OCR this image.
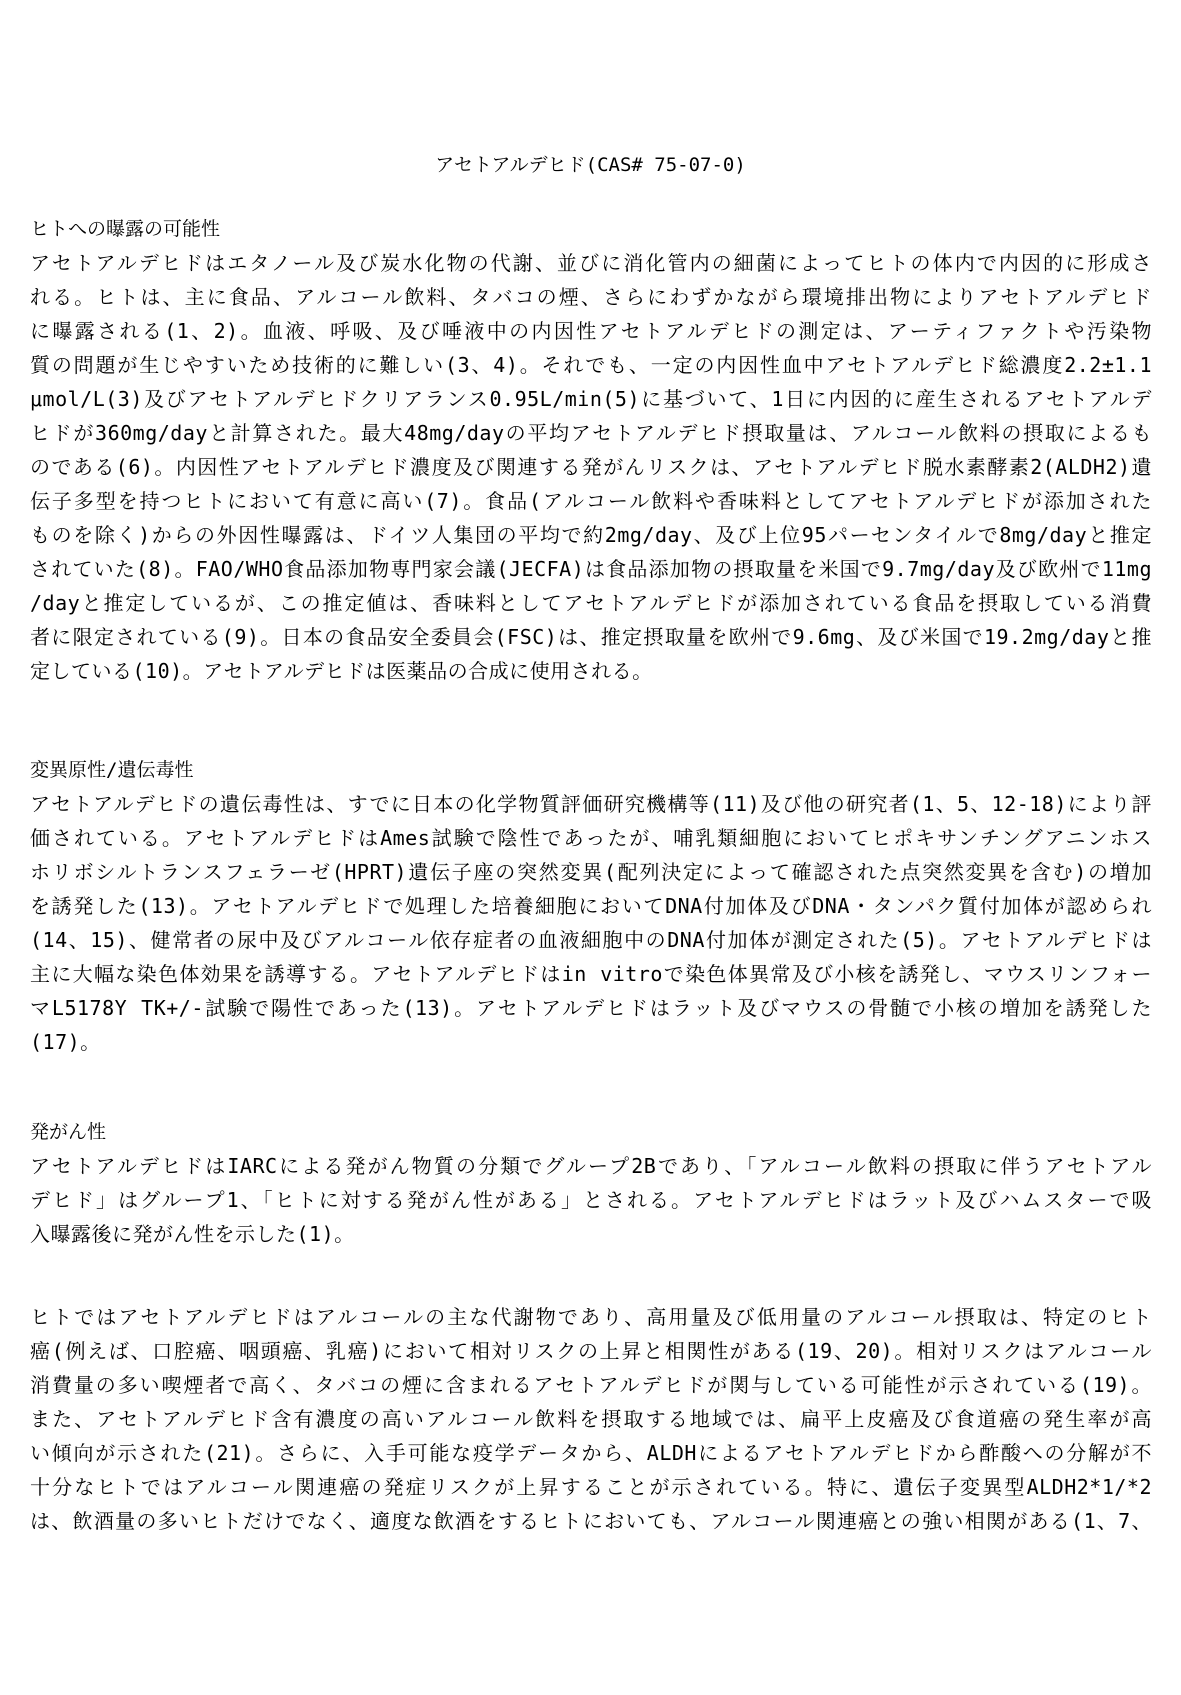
アセトアルデヒド(CAS# 75-07-0)
ヒトへの曝露の可能性
アセトアルデヒドはエタノール及び炭水化物の代謝、並びに消化管内の細菌によってヒトの体内で内因的に形成さ
れる。ヒトは、主に食品、アルコール飲料、タバコの煙、さらにわずかながら環境排出物によりアセトアルデヒド
に曝露される(1、2)。血液、呼吸、及び唾液中の内因性アセトアルデヒドの測定は、アーティファクトや汚染物
質の問題が生じやすいため技術的に難しい(3、4)。それでも、一定の内因性血中アセトアルデヒド総濃度2.2±1.1
μmol/L(3)及びアセトアルデヒドクリアランス0.95L/min(5)に基づいて、1日に内因的に産生されるアセトアルデ
ヒドが360mg/dayと計算された。最大48mg/dayの平均アセトアルデヒド摂取量は、アルコール飲料の摂取によるも
のである(6)。内因性アセトアルデヒド濃度及び関連する発がんリスクは、アセトアルデヒド脱水素酵素2(ALDH2)遺
伝子多型を持つヒトにおいて有意に高い(7)。食品(アルコール飲料や香味料としてアセトアルデヒドが添加された
ものを除く)からの外因性曝露は、ドイツ人集団の平均で約2mg/day、及び上位95パーセンタイルで8mg/dayと推定
されていた(8)。FAO/WHO食品添加物専門家会議(JECFA)は食品添加物の摂取量を米国で9.7mg/day及び欧州で11mg
/dayと推定しているが、この推定値は、香味料としてアセトアルデヒドが添加されている食品を摂取している消費
者に限定されている(9)。日本の食品安全委員会(FSC)は、推定摂取量を欧州で9.6mg、及び米国で19.2mg/dayと推
定している(10)。アセトアルデヒドは医薬品の合成に使用される。
変異原性/遺伝毒性
アセトアルデヒドの遺伝毒性は、すでに日本の化学物質評価研究機構等(11)及び他の研究者(1、5、12-18)により評
価されている。アセトアルデヒドはAmes試験で陰性であったが、哺乳類細胞においてヒポキサンチングアニンホス
ホリボシルトランスフェラーゼ(HPRT)遺伝子座の突然変異(配列決定によって確認された点突然変異を含む)の増加
を誘発した(13)。アセトアルデヒドで処理した培養細胞においてDNA付加体及びDNA・タンパク質付加体が認められ
(14、15)、健常者の尿中及びアルコール依存症者の血液細胞中のDNA付加体が測定された(5)。アセトアルデヒドは
主に大幅な染色体効果を誘導する。アセトアルデヒドはin vitroで染色体異常及び小核を誘発し、マウスリンフォー
マL5178Y TK+/-試験で陽性であった(13)。アセトアルデヒドはラット及びマウスの骨髄で小核の増加を誘発した
(17)。
発がん性
アセトアルデヒドはIARCによる発がん物質の分類でグループ2Bであり、「アルコール飲料の摂取に伴うアセトアル
デヒド」はグループ1、「ヒトに対する発がん性がある」とされる。アセトアルデヒドはラット及びハムスターで吸
入曝露後に発がん性を示した(1)。
ヒトではアセトアルデヒドはアルコールの主な代謝物であり、高用量及び低用量のアルコール摂取は、特定のヒト
癌(例えば、口腔癌、咽頭癌、乳癌)において相対リスクの上昇と相関性がある(19、20)。相対リスクはアルコール
消費量の多い喫煙者で高く、タバコの煙に含まれるアセトアルデヒドが関与している可能性が示されている(19)。
また、アセトアルデヒド含有濃度の高いアルコール飲料を摂取する地域では、扁平上皮癌及び食道癌の発生率が高
い傾向が示された(21)。さらに、入手可能な疫学データから、ALDHによるアセトアルデヒドから酢酸への分解が不
十分なヒトではアルコール関連癌の発症リスクが上昇することが示されている。特に、遺伝子変異型ALDH2*1/*2
は、飲酒量の多いヒトだけでなく、適度な飲酒をするヒトにおいても、アルコール関連癌との強い相関がある(1、7、
